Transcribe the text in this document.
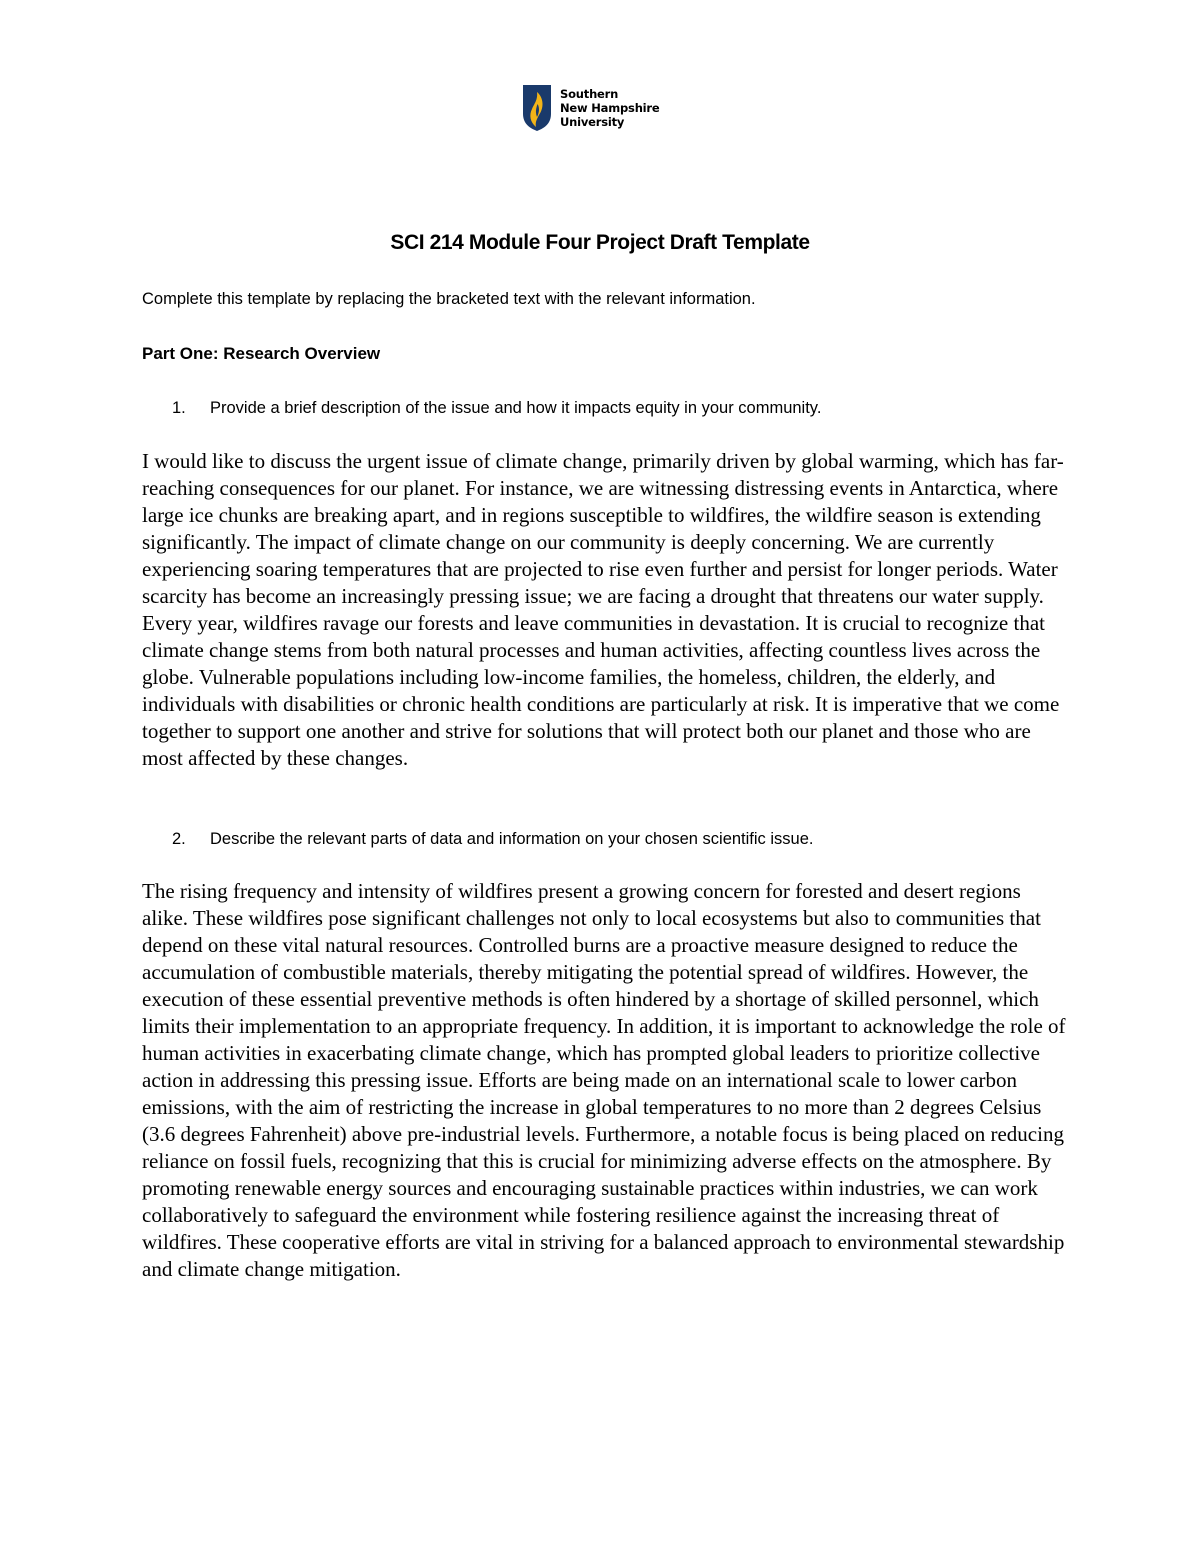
Southern
New Hampshire
University
SCI 214 Module Four Project Draft Template

Complete this template by replacing the bracketed text with the relevant information.

Part One: Research Overview

1. Provide a brief description of the issue and how it impacts equity in your community.

I would like to discuss the urgent issue of climate change, primarily driven by global warming, which has far-reaching consequences for our planet. For instance, we are witnessing distressing events in Antarctica, where large ice chunks are breaking apart, and in regions susceptible to wildfires, the wildfire season is extending significantly. The impact of climate change on our community is deeply concerning. We are currently experiencing soaring temperatures that are projected to rise even further and persist for longer periods. Water scarcity has become an increasingly pressing issue; we are facing a drought that threatens our water supply. Every year, wildfires ravage our forests and leave communities in devastation. It is crucial to recognize that climate change stems from both natural processes and human activities, affecting countless lives across the globe. Vulnerable populations including low-income families, the homeless, children, the elderly, and individuals with disabilities or chronic health conditions are particularly at risk. It is imperative that we come together to support one another and strive for solutions that will protect both our planet and those who are most affected by these changes.

2. Describe the relevant parts of data and information on your chosen scientific issue.

The rising frequency and intensity of wildfires present a growing concern for forested and desert regions alike. These wildfires pose significant challenges not only to local ecosystems but also to communities that depend on these vital natural resources. Controlled burns are a proactive measure designed to reduce the accumulation of combustible materials, thereby mitigating the potential spread of wildfires. However, the execution of these essential preventive methods is often hindered by a shortage of skilled personnel, which limits their implementation to an appropriate frequency. In addition, it is important to acknowledge the role of human activities in exacerbating climate change, which has prompted global leaders to prioritize collective action in addressing this pressing issue. Efforts are being made on an international scale to lower carbon emissions, with the aim of restricting the increase in global temperatures to no more than 2 degrees Celsius (3.6 degrees Fahrenheit) above pre-industrial levels. Furthermore, a notable focus is being placed on reducing reliance on fossil fuels, recognizing that this is crucial for minimizing adverse effects on the atmosphere. By promoting renewable energy sources and encouraging sustainable practices within industries, we can work collaboratively to safeguard the environment while fostering resilience against the increasing threat of wildfires. These cooperative efforts are vital in striving for a balanced approach to environmental stewardship and climate change mitigation.
